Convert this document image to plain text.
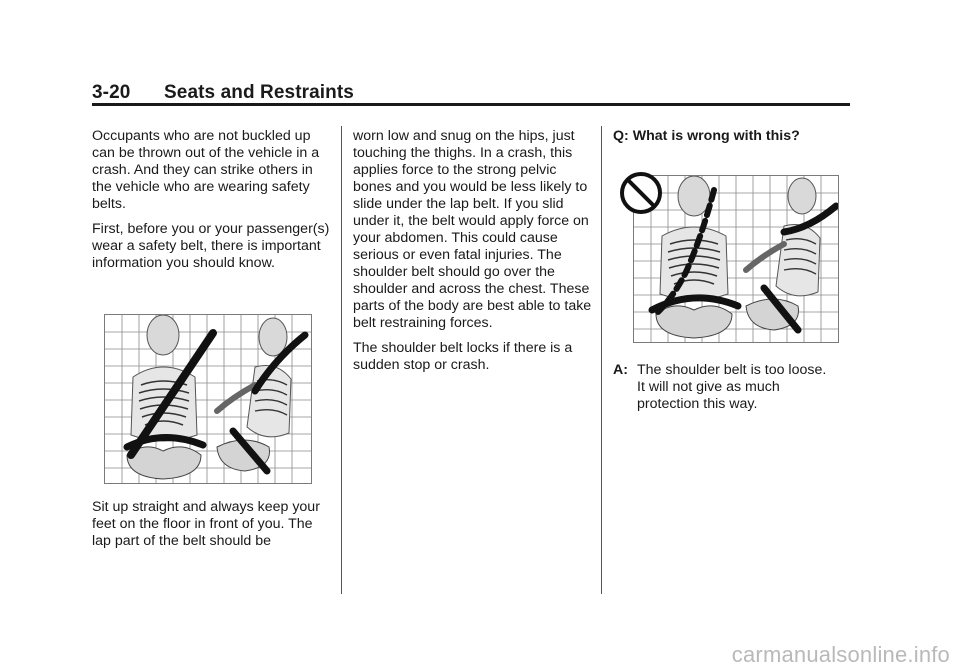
3-20 Seats and Restraints

Occupants who are not buckled up can be thrown out of the vehicle in a crash. And they can strike others in the vehicle who are wearing safety belts.

First, before you or your passenger(s) wear a safety belt, there is important information you should know.

Sit up straight and always keep your feet on the floor in front of you. The lap part of the belt should be

worn low and snug on the hips, just touching the thighs. In a crash, this applies force to the strong pelvic bones and you would be less likely to slide under the lap belt. If you slid under it, the belt would apply force on your abdomen. This could cause serious or even fatal injuries. The shoulder belt should go over the shoulder and across the chest. These parts of the body are best able to take belt restraining forces.

The shoulder belt locks if there is a sudden stop or crash.

Q: What is wrong with this?

A: The shoulder belt is too loose. It will not give as much protection this way.
carmanualsonline.info
